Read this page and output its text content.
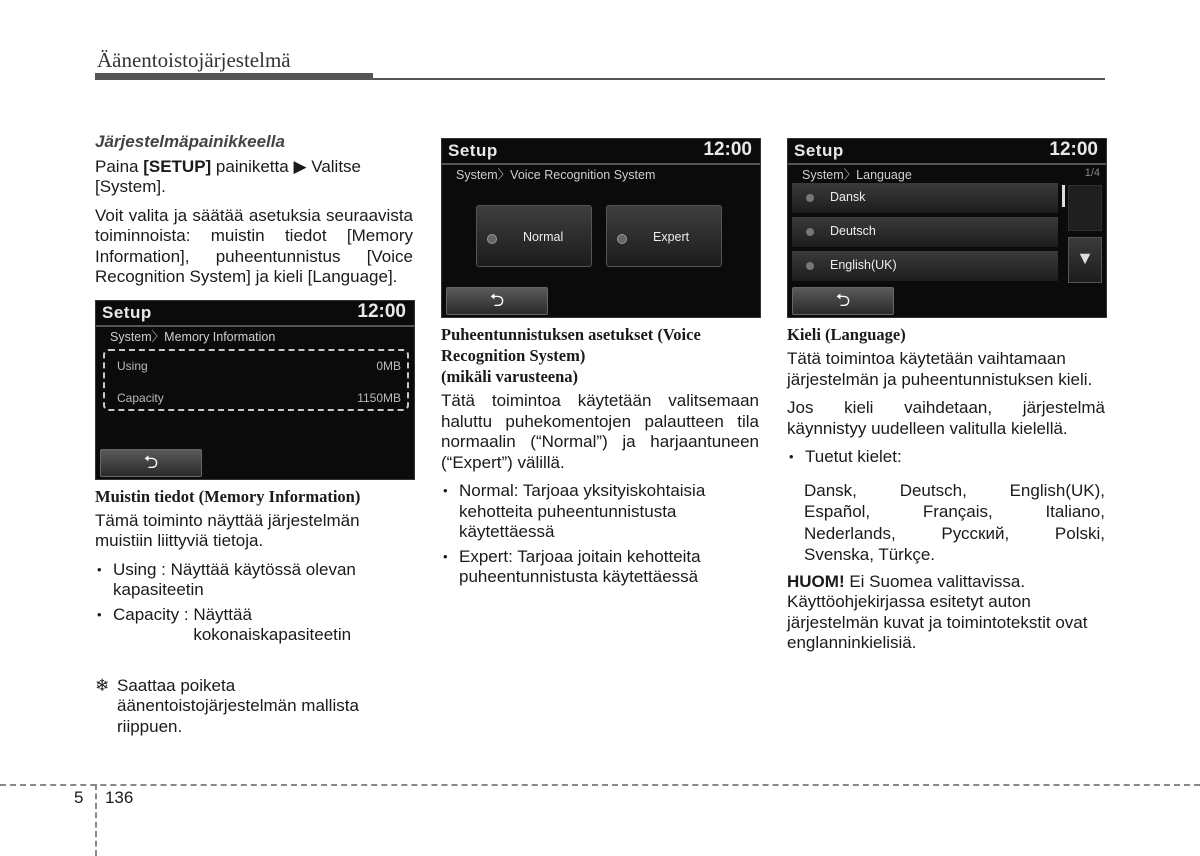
Äänentoistojärjestelmä

Järjestelmäpainikkeella

Paina [SETUP] painiketta ▶ Valitse [System].

Voit valita ja säätää asetuksia seuraavista toiminnoista: muistin tiedot [Memory Information], puheentunnistus [Voice Recognition System] ja kieli [Language].

Setup	12:00
System〉Memory Information
Using	0MB
Capacity	1150MB
⮌

Muistin tiedot (Memory Information)

Tämä toiminto näyttää järjestelmän muistiin liittyviä tietoja.

• Using : Näyttää käytössä olevan kapasiteetin
• Capacity : Näyttää kokonaiskapasiteetin
❄ Saattaa poiketa äänentoistojärjestelmän mallista riippuen.
Setup	12:00
System〉Voice Recognition System
Normal	Expert
⮌

Puheentunnistuksen asetukset (Voice Recognition System)

(mikäli varusteena)

Tätä toimintoa käytetään valitsemaan haluttu puhekomentojen palautteen tila normaalin (“Normal”) ja harjaantuneen (“Expert”) välillä.

• Normal: Tarjoaa yksityiskohtaisia kehotteita puheentunnistusta käytettäessä
• Expert: Tarjoaa joitain kehotteita puheentunnistusta käytettäessä
Setup	12:00
System〉Language	1/4
Dansk
Deutsch
English(UK)	▼
⮌

Kieli (Language)

Tätä toimintoa käytetään vaihtamaan järjestelmän ja puheentunnistuksen kieli.

Jos kieli vaihdetaan, järjestelmä käynnistyy uudelleen valitulla kielellä.

• Tuetut kielet:
Dansk,	Deutsch,	English(UK),
Español,	Français,	Italiano,
Nederlands,	Русский,	Polski,
Svenska, Türkçe.

HUOM! Ei Suomea valittavissa. Käyttöohjekirjassa esitetyt auton järjestelmän kuvat ja toimintotekstit ovat englanninkielisiä.

5 136
